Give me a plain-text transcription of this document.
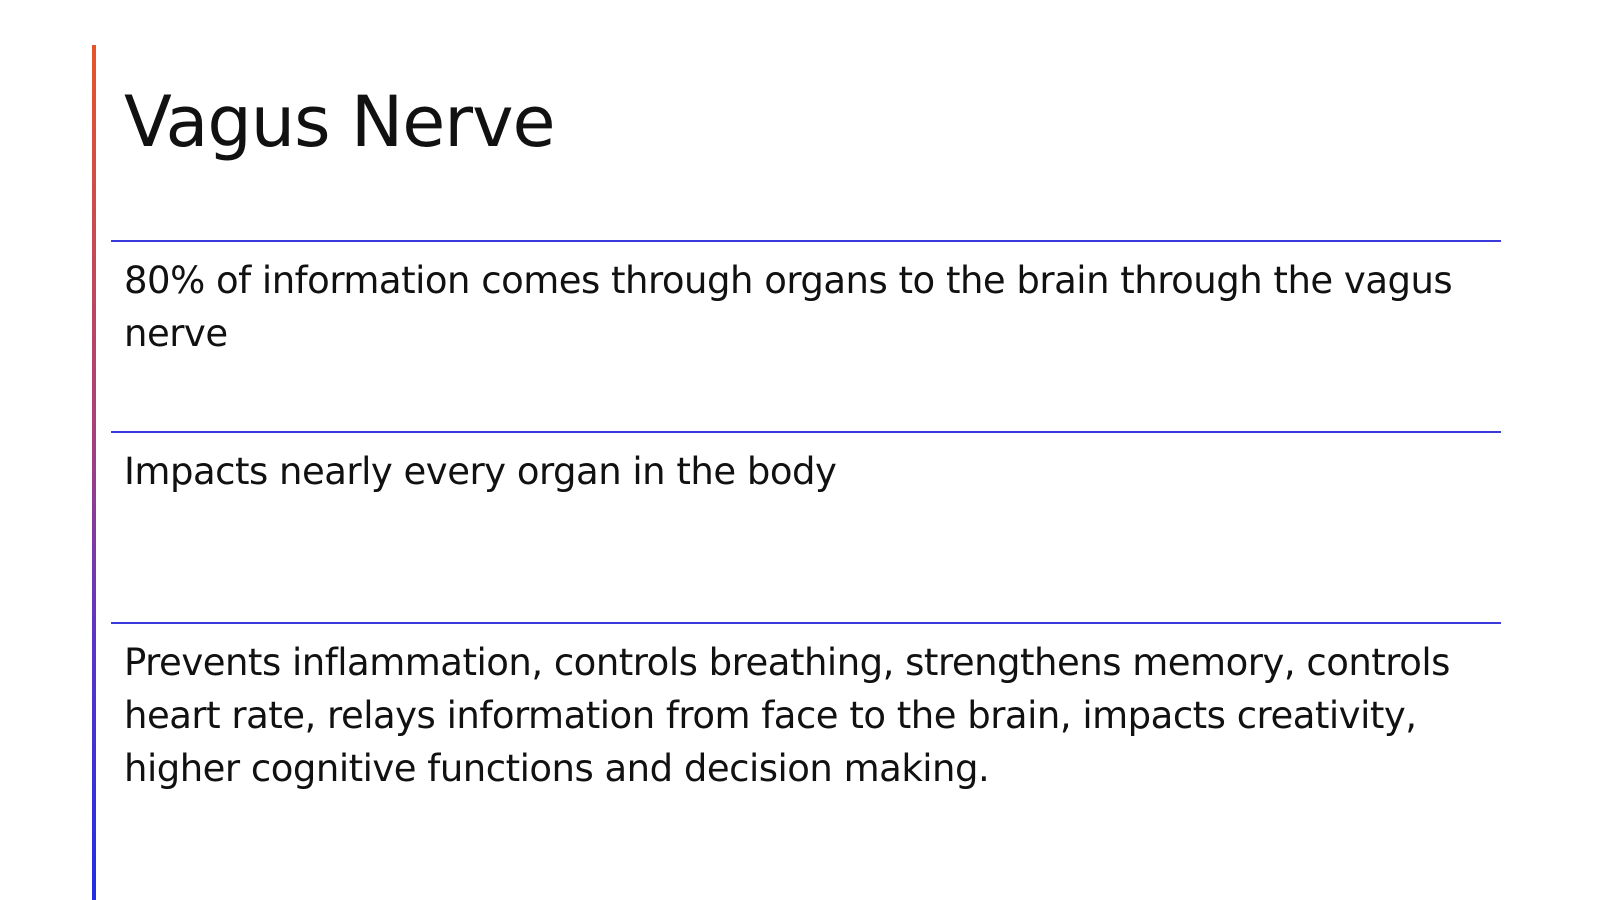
Vagus Nerve

80% of information comes through organs to the brain through the vagus nerve

Impacts nearly every organ in the body

Prevents inflammation, controls breathing, strengthens memory, controls heart rate, relays information from face to the brain, impacts creativity, higher cognitive functions and decision making.
